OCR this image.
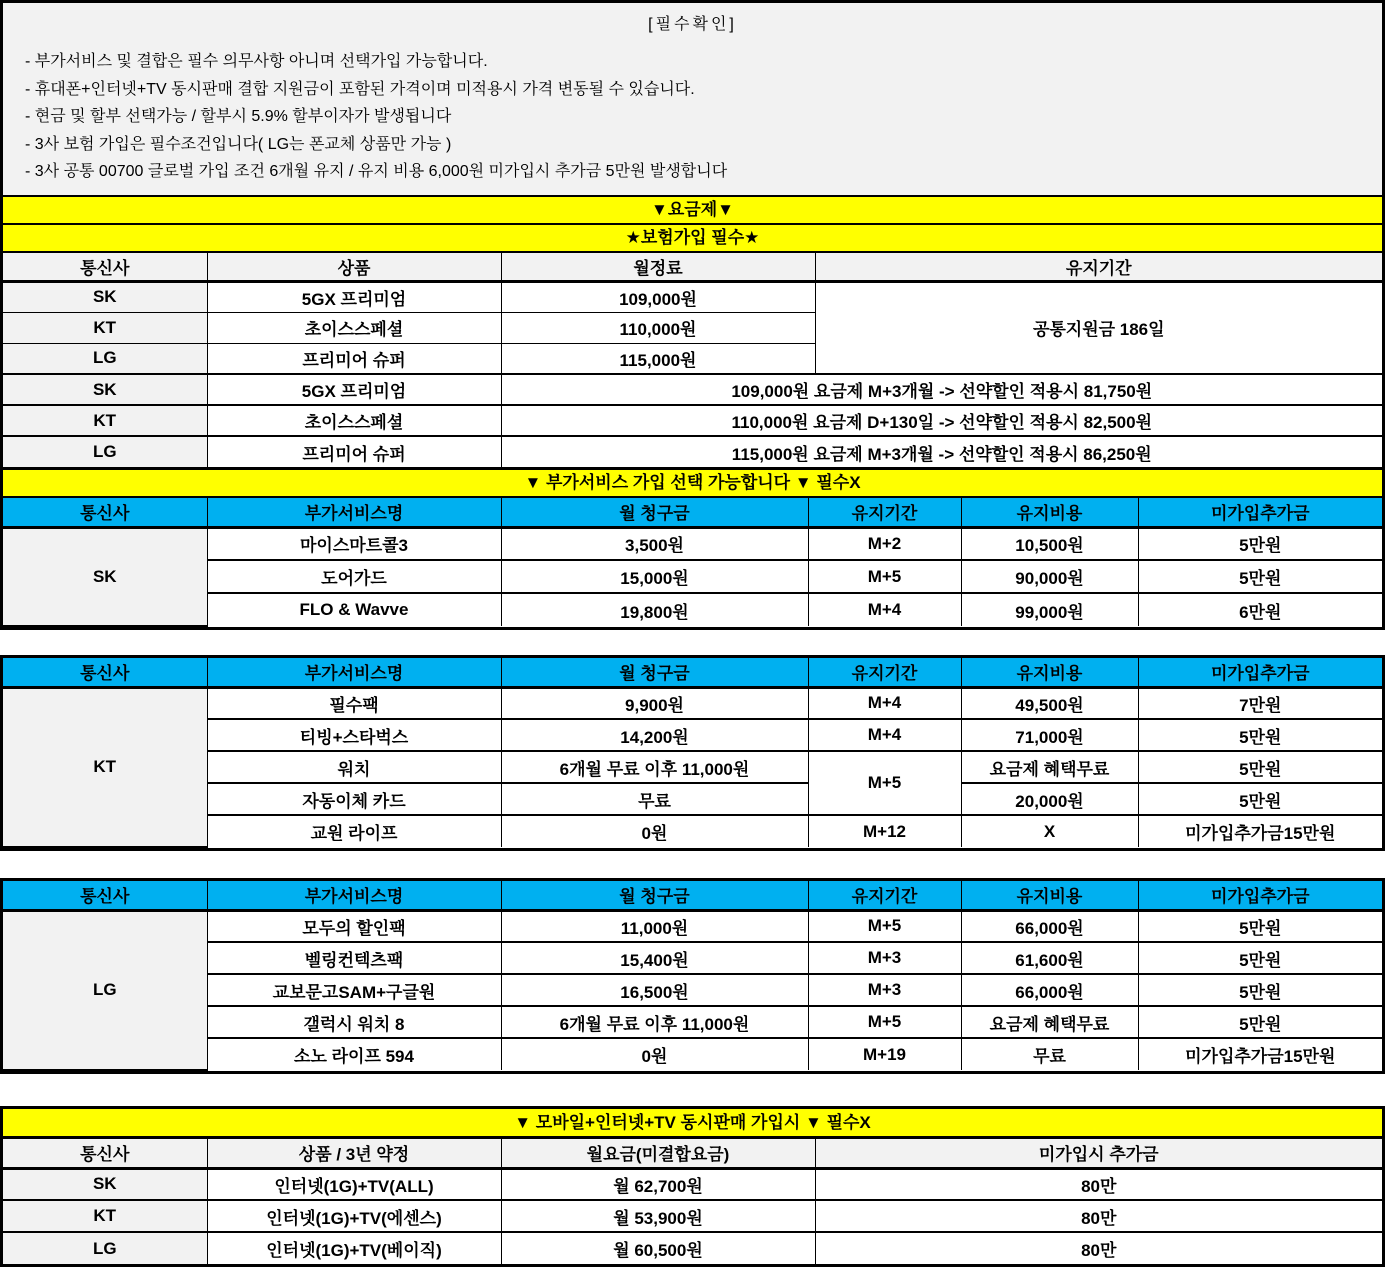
[필수확인]
- 부가서비스 및 결합은 필수 의무사항 아니며 선택가입 가능합니다.
- 휴대폰+인터넷+TV 동시판매 결합 지원금이 포함된 가격이며 미적용시 가격 변동될 수 있습니다.
- 현금 및 할부 선택가능 / 할부시 5.9% 할부이자가 발생됩니다
- 3사 보험 가입은 필수조건입니다( LG는 폰교체 상품만 가능 )
- 3사 공통 00700 글로벌 가입 조건 6개월 유지 / 유지 비용 6,000원 미가입시 추가금 5만원 발생합니다
▼요금제▼
★보험가입 필수★
통신사	상품	월정료	유지기간
SK	5GX 프리미엄	109,000원	공통지원금 186일
KT	초이스스페셜	110,000원	
LG	프리미어 슈퍼	115,000원	
SK	5GX 프리미엄	109,000원 요금제 M+3개월 -> 선약할인 적용시 81,750원	
KT	초이스스페셜	110,000원 요금제 D+130일 -> 선약할인 적용시 82,500원	
LG	프리미어 슈퍼	115,000원 요금제 M+3개월 -> 선약할인 적용시 86,250원	
▼ 부가서비스 가입 선택 가능합니다 ▼ 필수X
통신사	부가서비스명	월 청구금	유지기간	유지비용	미가입추가금
SK	마이스마트콜3	3,500원	M+2	10,500원	5만원
	도어가드	15,000원	M+5	90,000원	5만원
	FLO & Wavve	19,800원	M+4	99,000원	6만원
통신사	부가서비스명	월 청구금	유지기간	유지비용	미가입추가금
KT	필수팩	9,900원	M+4	49,500원	7만원
	티빙+스타벅스	14,200원	M+4	71,000원	5만원
	워치	6개월 무료 이후 11,000원	M+5	요금제 혜택무료	5만원
	자동이체 카드	무료		20,000원	5만원
	교원 라이프	0원	M+12	X	미가입추가금15만원
통신사	부가서비스명	월 청구금	유지기간	유지비용	미가입추가금
LG	모두의 할인팩	11,000원	M+5	66,000원	5만원
	벨링컨텍츠팩	15,400원	M+3	61,600원	5만원
	교보문고SAM+구글원	16,500원	M+3	66,000원	5만원
	갤럭시 워치 8	6개월 무료 이후 11,000원	M+5	요금제 혜택무료	5만원
	소노 라이프 594	0원	M+19	무료	미가입추가금15만원
▼ 모바일+인터넷+TV 동시판매 가입시 ▼ 필수X
통신사	상품 / 3년 약정	월요금(미결합요금)	미가입시 추가금
SK	인터넷(1G)+TV(ALL)	월 62,700원	80만
KT	인터넷(1G)+TV(에센스)	월 53,900원	80만
LG	인터넷(1G)+TV(베이직)	월 60,500원	80만
